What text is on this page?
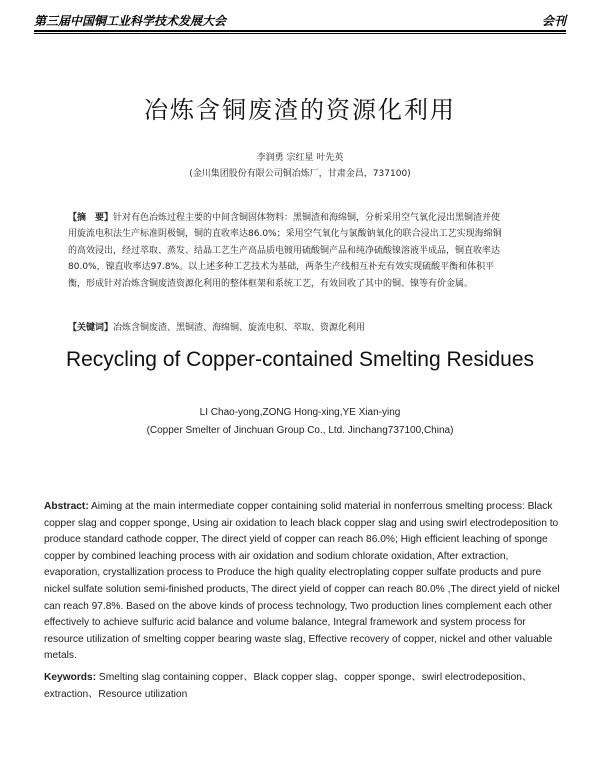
第三届中国铜工业科学技术发展大会	会刊
冶炼含铜废渣的资源化利用
李润勇 宗红星 叶先英
(金川集团股份有限公司铜冶炼厂，甘肃金昌，737100)
【摘　要】针对有色冶炼过程主要的中间含铜固体物料：黑铜渣和海绵铜，分析采用空气氧化浸出黑铜渣并使用旋流电积法生产标准阴极铜，铜的直收率达86.0%；采用空气氧化与氯酸钠氧化的联合浸出工艺实现海绵铜的高效浸出，经过萃取、蒸发、结晶工艺生产高品质电镀用硫酸铜产品和纯净硫酸镍溶液半成品，铜直收率达80.0%，镍直收率达97.8%。以上述多种工艺技术为基础，两条生产线相互补充有效实现硫酸平衡和体积平衡，形成针对冶炼含铜废渣资源化利用的整体框架和系统工艺，有效回收了其中的铜、镍等有价金属。
【关键词】冶炼含铜废渣、黑铜渣、海绵铜、旋流电积、萃取、资源化利用
Recycling of Copper-contained Smelting Residues
LI Chao-yong,ZONG Hong-xing,YE Xian-ying
(Copper Smelter of Jinchuan Group Co., Ltd. Jinchang737100,China)
Abstract: Aiming at the main intermediate copper containing solid material in nonferrous smelting process: Black copper slag and copper sponge, Using air oxidation to leach black copper slag and using swirl electrodeposition to produce standard cathode copper, The direct yield of copper can reach 86.0%; High efficient leaching of sponge copper by combined leaching process with air oxidation and sodium chlorate oxidation, After extraction, evaporation, crystallization process to Produce the high quality electroplating copper sulfate products and pure nickel sulfate solution semi-finished products, The direct yield of copper can reach 80.0% ,The direct yield of nickel can reach 97.8%. Based on the above kinds of process technology, Two production lines complement each other effectively to achieve sulfuric acid balance and volume balance, Integral framework and system process for resource utilization of smelting copper bearing waste slag, Effective recovery of copper, nickel and other valuable metals.
Keywords: Smelting slag containing copper、Black copper slag、copper sponge、swirl electrodeposition、extraction、Resource utilization
